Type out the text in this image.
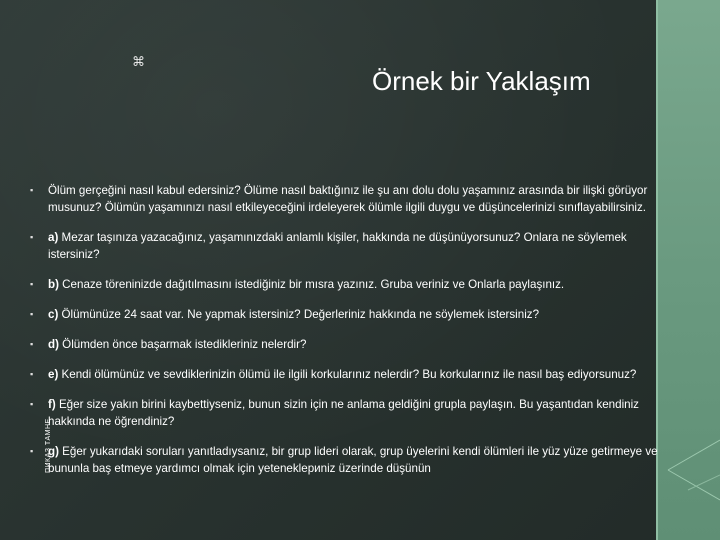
⌘
Örnek bir Yaklaşım
▪ Ölüm gerçeğini nasıl kabul edersiniz? Ölüme nasıl baktığınız ile şu anı dolu dolu yaşamınız arasında bir ilişki görüyor musunuz? Ölümün yaşamınızı nasıl etkileyeceğini irdeleyerek ölümle ilgili duygu ve düşüncelerinizi sınıflayabilirsiniz.
▪ a) Mezar taşınıza yazacağınız, yaşamınızdaki anlamlı kişiler, hakkında ne düşünüyorsunuz? Onlara ne söylemek istersiniz?
▪ b) Cenaze töreninizde dağıtılmasını istediğiniz bir mısra yazınız. Gruba veriniz ve Onlarla paylaşınız.
▪ c) Ölümünüze 24 saat var. Ne yapmak istersiniz? Değerleriniz hakkında ne söylemek istersiniz?
▪ d) Ölümden önce başarmak istedikleriniz nelerdir?
▪ e) Kendi ölümünüz ve sevdiklerinizin ölümü ile ilgili korkularınız nelerdir? Bu korkularınız ile nasıl baş ediyorsunuz?
▪ f) Eğer size yakın birini kaybettiyseniz, bunun sizin için ne anlama geldiğini grupla paylaşın. Bu yaşantıdan kendiniz hakkında ne öğrendiniz?
▪ g) Eğer yukarıdaki soruları yanıtladıysanız, bir grup lideri olarak, grup üyelerini kendi ölümleri ile yüz yüze getirmeye ve bununla baş etmeye yardımcı olmak için yeteneklериniz üzerinde düşünün
ПИКАЗ ТАМНЕ
